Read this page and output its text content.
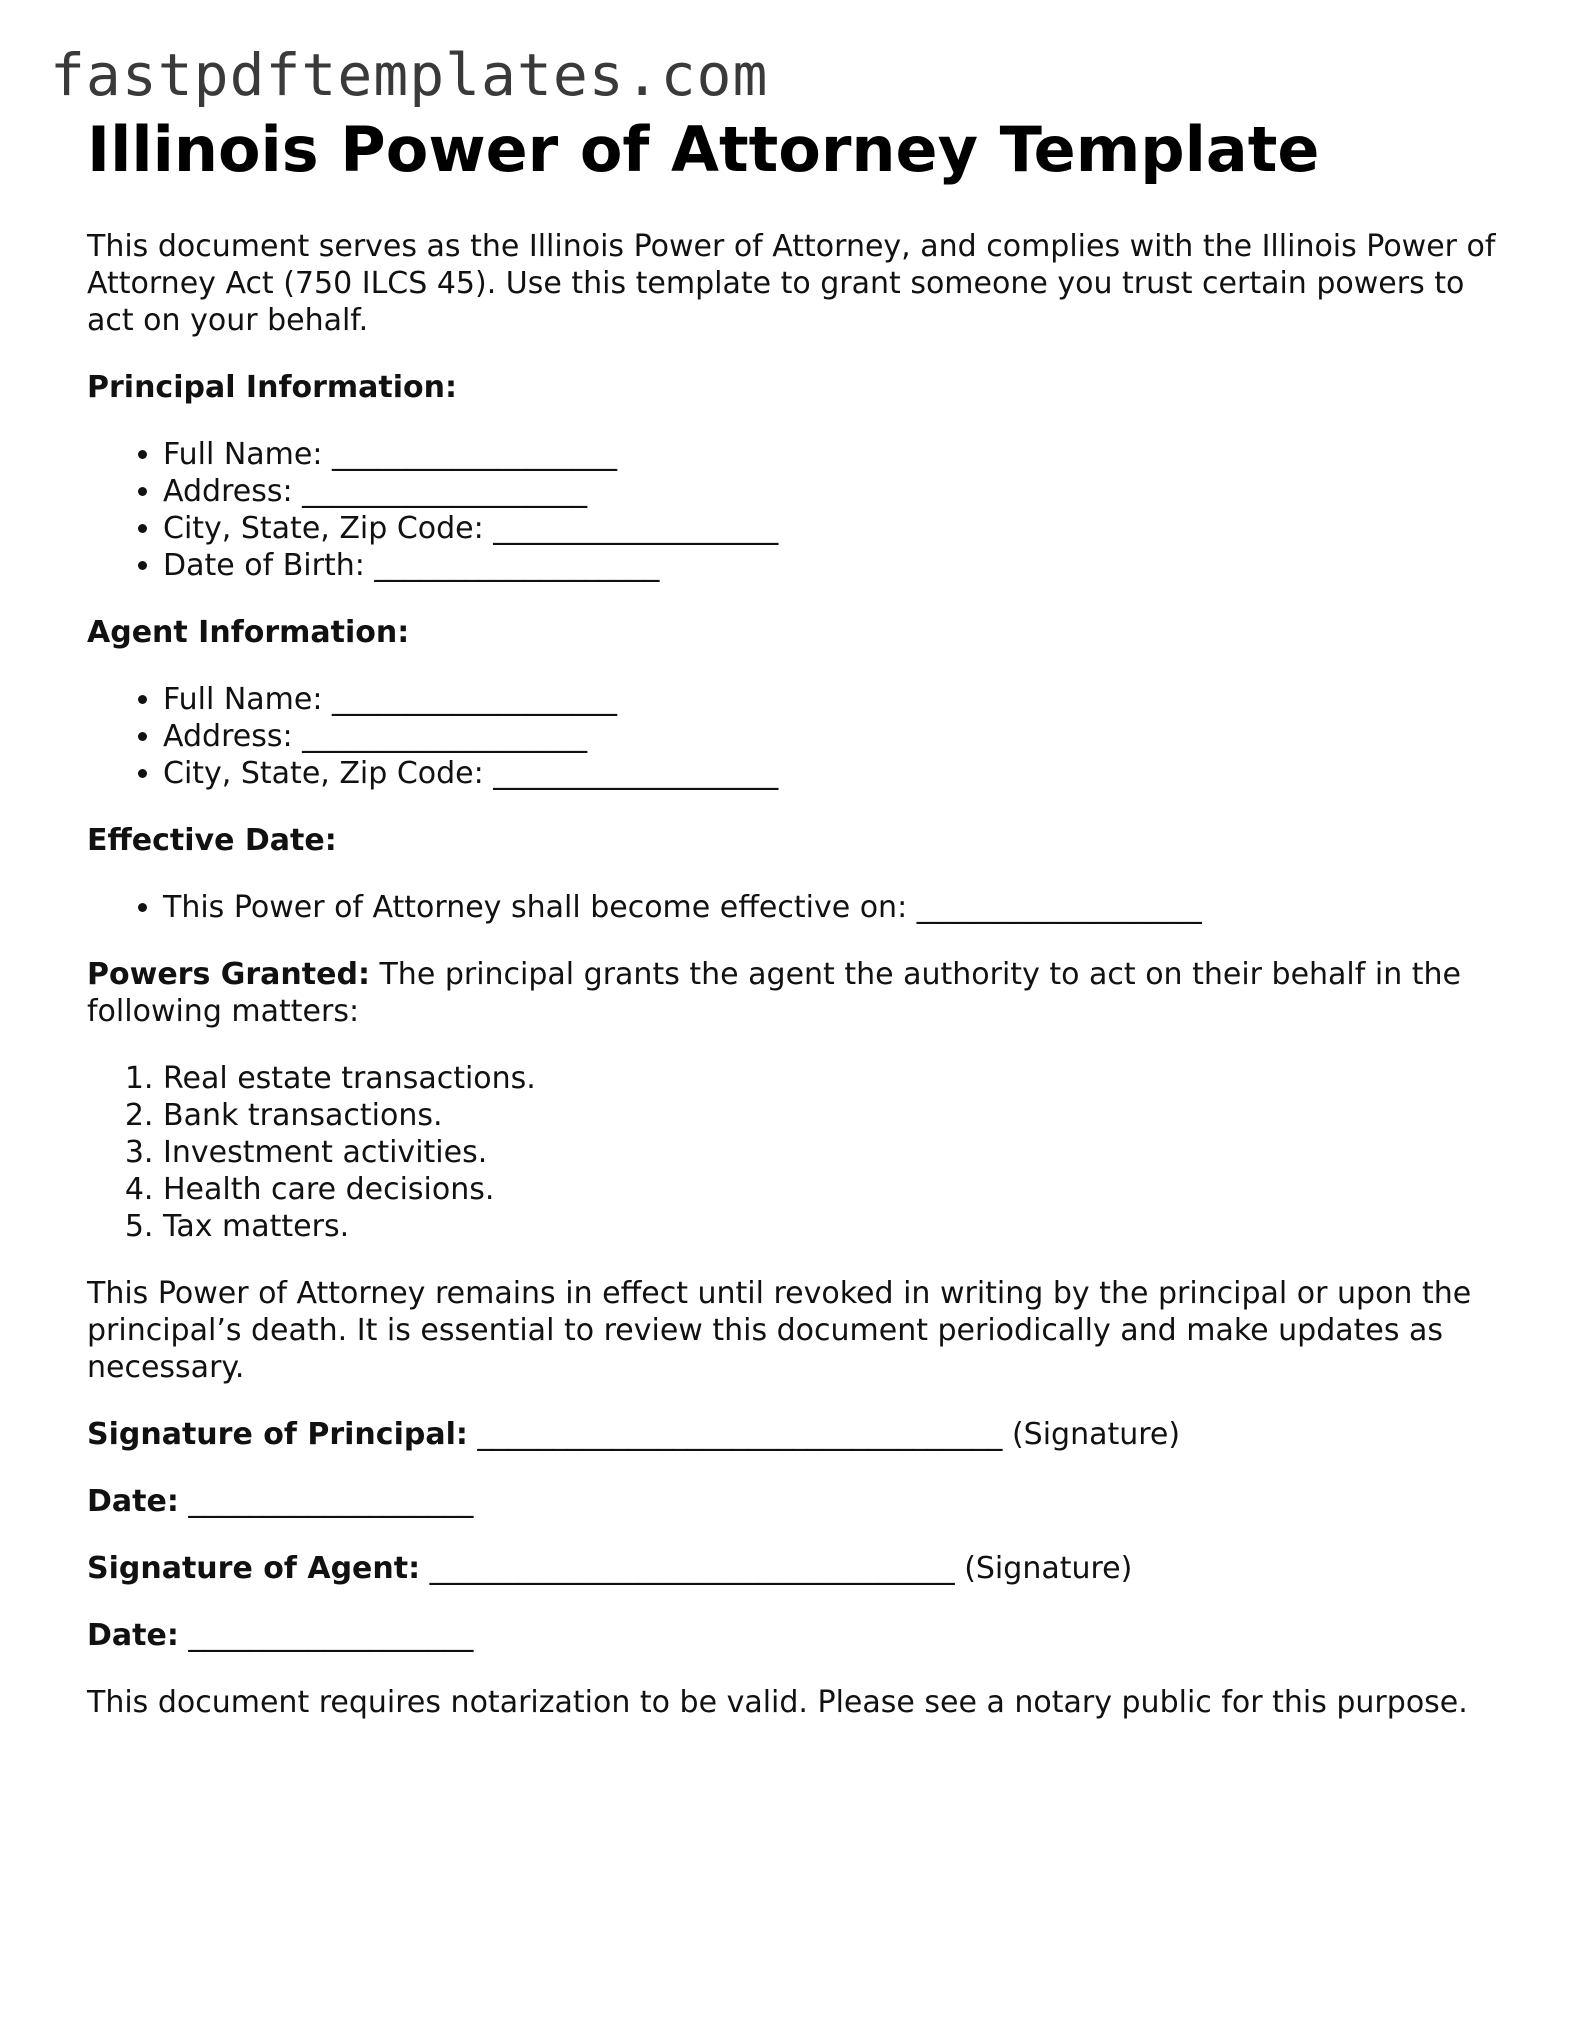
fastpdftemplates.com
Illinois Power of Attorney Template

This document serves as the Illinois Power of Attorney, and complies with the Illinois Power of Attorney Act (750 ILCS 45). Use this template to grant someone you trust certain powers to act on your behalf.

Principal Information:

• Full Name: ___________________
• Address: ___________________
• City, State, Zip Code: ___________________
• Date of Birth: ___________________

Agent Information:

• Full Name: ___________________
• Address: ___________________
• City, State, Zip Code: ___________________

Effective Date:

• This Power of Attorney shall become effective on: ___________________

Powers Granted: The principal grants the agent the authority to act on their behalf in the following matters:

1. Real estate transactions.
2. Bank transactions.
3. Investment activities.
4. Health care decisions.
5. Tax matters.

This Power of Attorney remains in effect until revoked in writing by the principal or upon the principal’s death. It is essential to review this document periodically and make updates as necessary.

Signature of Principal: ___________________________________ (Signature)

Date: ___________________

Signature of Agent: ___________________________________ (Signature)

Date: ___________________

This document requires notarization to be valid. Please see a notary public for this purpose.
